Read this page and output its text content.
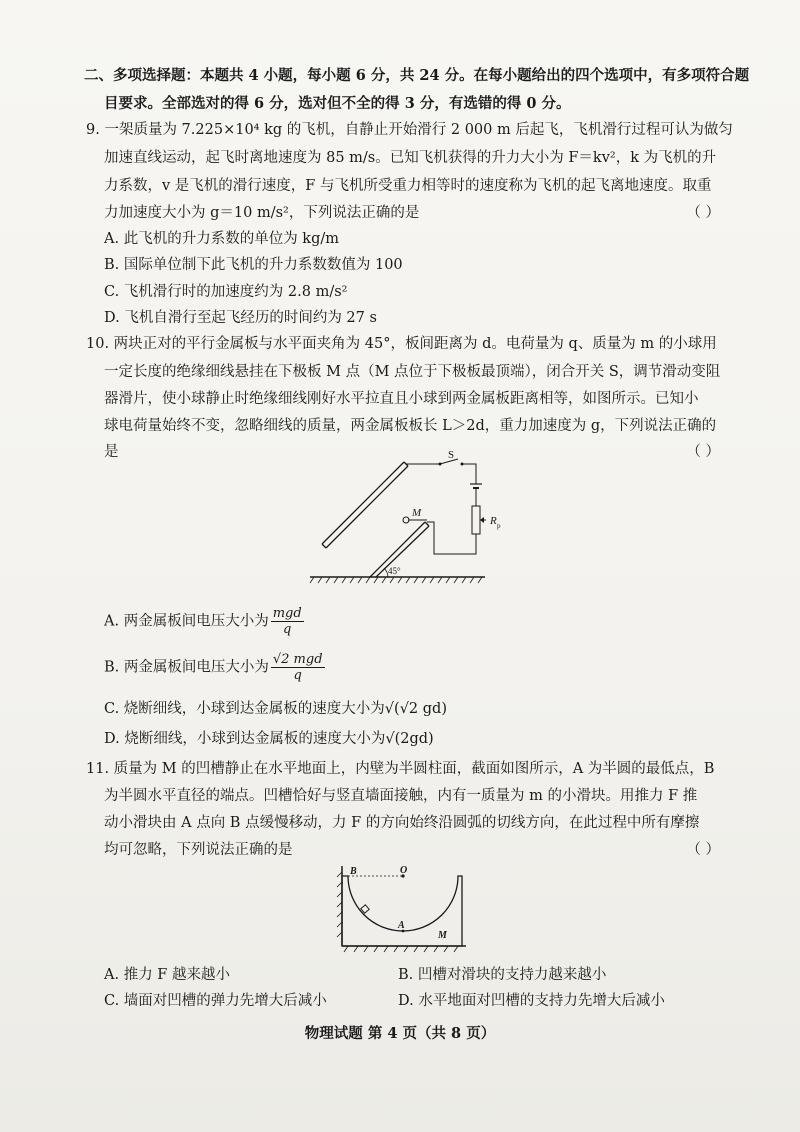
二、多项选择题：本题共 4 小题，每小题 6 分，共 24 分。在每小题给出的四个选项中，有多项符合题
目要求。全部选对的得 6 分，选对但不全的得 3 分，有选错的得 0 分。
9. 一架质量为 7.225×10⁴ kg 的飞机，自静止开始滑行 2 000 m 后起飞，飞机滑行过程可认为做匀
加速直线运动，起飞时离地速度为 85 m/s。已知飞机获得的升力大小为 F＝kv²，k 为飞机的升
力系数，v 是飞机的滑行速度，F 与飞机所受重力相等时的速度称为飞机的起飞离地速度。取重
力加速度大小为 g＝10 m/s²，下列说法正确的是	（ ）
A. 此飞机的升力系数的单位为 kg/m
B. 国际单位制下此飞机的升力系数数值为 100
C. 飞机滑行时的加速度约为 2.8 m/s²
D. 飞机自滑行至起飞经历的时间约为 27 s
10. 两块正对的平行金属板与水平面夹角为 45°，板间距离为 d。电荷量为 q、质量为 m 的小球用
一定长度的绝缘细线悬挂在下极板 M 点（M 点位于下极板最顶端），闭合开关 S，调节滑动变阻
器滑片，使小球静止时绝缘细线刚好水平拉直且小球到两金属板距离相等，如图所示。已知小
球电荷量始终不变，忽略细线的质量，两金属板板长 L＞2d，重力加速度为 g，下列说法正确的
是	（ ）
S
M
R p
45°
A. 两金属板间电压大小为 $\frac{\text{mgd}}{q}$
B. 两金属板间电压大小为 $\frac{\text{√2 mgd}}{q}$
C. 烧断细线，小球到达金属板的速度大小为√(√2 gd)
D. 烧断细线，小球到达金属板的速度大小为√(2gd)
11. 质量为 M 的凹槽静止在水平地面上，内壁为半圆柱面，截面如图所示，A 为半圆的最低点，B
为半圆水平直径的端点。凹槽恰好与竖直墙面接触，内有一质量为 m 的小滑块。用推力 F 推
动小滑块由 A 点向 B 点缓慢移动，力 F 的方向始终沿圆弧的切线方向，在此过程中所有摩擦
均可忽略，下列说法正确的是	（ ）
B	O
A
M
A. 推力 F 越来越小	B. 凹槽对滑块的支持力越来越小
C. 墙面对凹槽的弹力先增大后减小	D. 水平地面对凹槽的支持力先增大后减小
物理试题 第 4 页（共 8 页）
